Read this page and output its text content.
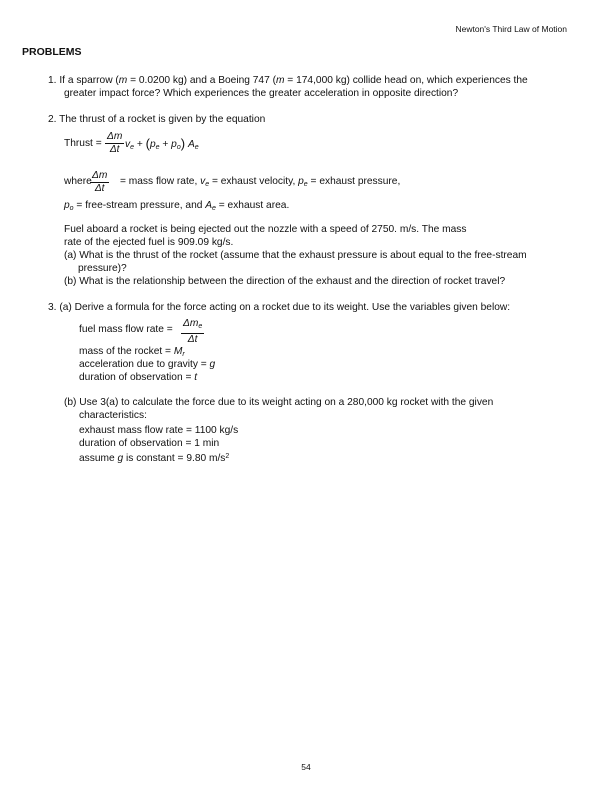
Newton's Third Law of Motion
PROBLEMS
1. If a sparrow (m = 0.0200 kg) and a Boeing 747 (m = 174,000 kg) collide head on, which experiences the
greater impact force? Which experiences the greater acceleration in opposite direction?
2. The thrust of a rocket is given by the equation
Thrust = $v_e + (p_e + p_o)$ $A_e$
where	= mass flow rate, $v_e$ = exhaust velocity, $p_e$ = exhaust pressure,
$p_o$ = free-stream pressure, and $A_e$ = exhaust area.
Fuel aboard a rocket is being ejected out the nozzle with a speed of 2750. m/s. The mass
rate of the ejected fuel is 909.09 kg/s.
(a) What is the thrust of the rocket (assume that the exhaust pressure is about equal to the free-stream
pressure)?
(b) What is the relationship between the direction of the exhaust and the direction of rocket travel?
3. (a) Derive a formula for the force acting on a rocket due to its weight. Use the variables given below:
fuel mass flow rate =
mass of the rocket = $M_r$
acceleration due to gravity = g
duration of observation = t
(b) Use 3(a) to calculate the force due to its weight acting on a 280,000 kg rocket with the given
characteristics:
exhaust mass flow rate = 1100 kg/s
duration of observation = 1 min
assume g is constant = 9.80 $m/s^2$
$\frac{\Delta m}{\Delta t}$
$\frac{\Delta m}{\Delta t}$
$\Delta m_e$
Δt
54
